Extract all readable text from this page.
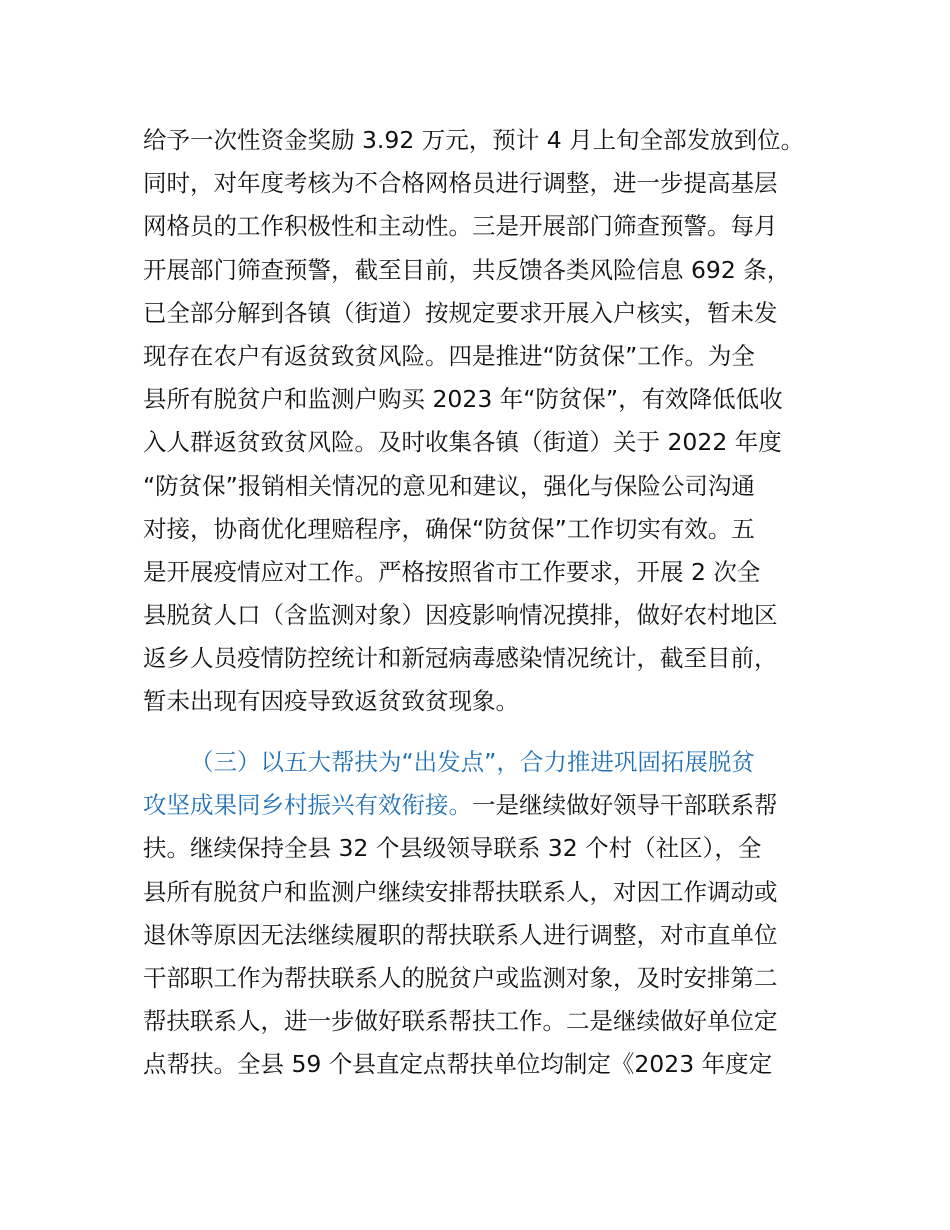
给予一次性资金奖励 3.92 万元，预计 4 月上旬全部发放到位。
同时，对年度考核为不合格网格员进行调整，进一步提高基层
网格员的工作积极性和主动性。三是开展部门筛查预警。每月
开展部门筛查预警，截至目前，共反馈各类风险信息 692 条，
已全部分解到各镇（街道）按规定要求开展入户核实，暂未发
现存在农户有返贫致贫风险。四是推进“防贫保”工作。为全
县所有脱贫户和监测户购买 2023 年“防贫保”，有效降低低收
入人群返贫致贫风险。及时收集各镇（街道）关于 2022 年度
“防贫保”报销相关情况的意见和建议，强化与保险公司沟通
对接，协商优化理赔程序，确保“防贫保”工作切实有效。五
是开展疫情应对工作。严格按照省市工作要求，开展 2 次全
县脱贫人口（含监测对象）因疫影响情况摸排，做好农村地区
返乡人员疫情防控统计和新冠病毒感染情况统计，截至目前，
暂未出现有因疫导致返贫致贫现象。
（三）以五大帮扶为“出发点”，合力推进巩固拓展脱贫
攻坚成果同乡村振兴有效衔接。一是继续做好领导干部联系帮
扶。继续保持全县 32 个县级领导联系 32 个村（社区），全
县所有脱贫户和监测户继续安排帮扶联系人，对因工作调动或
退休等原因无法继续履职的帮扶联系人进行调整，对市直单位
干部职工作为帮扶联系人的脱贫户或监测对象，及时安排第二
帮扶联系人，进一步做好联系帮扶工作。二是继续做好单位定
点帮扶。全县 59 个县直定点帮扶单位均制定《2023 年度定
